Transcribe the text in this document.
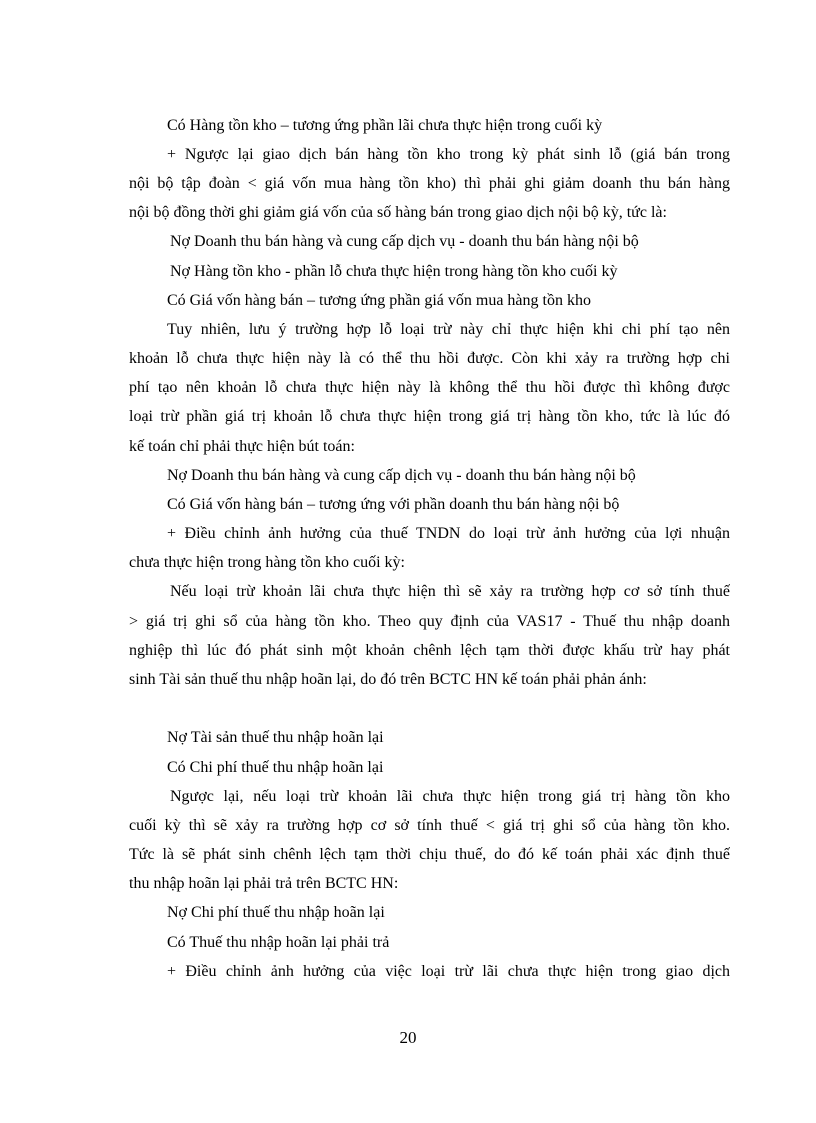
Có Hàng tồn kho – tương ứng phần lãi chưa thực hiện trong cuối kỳ
+ Ngược lại giao dịch bán hàng tồn kho trong kỳ phát sinh lỗ (giá bán trong
nội bộ tập đoàn < giá vốn mua hàng tồn kho) thì phải ghi giảm doanh thu bán hàng
nội bộ đồng thời ghi giảm giá vốn của số hàng bán trong giao dịch nội bộ kỳ, tức là:
Nợ Doanh thu bán hàng và cung cấp dịch vụ - doanh thu bán hàng nội bộ
Nợ Hàng tồn kho - phần lỗ chưa thực hiện trong hàng tồn kho cuối kỳ
Có Giá vốn hàng bán – tương ứng phần giá vốn mua hàng tồn kho
Tuy nhiên, lưu ý trường hợp lỗ loại trừ này chỉ thực hiện khi chi phí tạo nên
khoản lỗ chưa thực hiện này là có thể thu hồi được. Còn khi xảy ra trường hợp chi
phí tạo nên khoản lỗ chưa thực hiện này là không thể thu hồi được thì không được
loại trừ phần giá trị khoản lỗ chưa thực hiện trong giá trị hàng tồn kho, tức là lúc đó
kế toán chỉ phải thực hiện bút toán:
Nợ Doanh thu bán hàng và cung cấp dịch vụ - doanh thu bán hàng nội bộ
Có Giá vốn hàng bán – tương ứng với phần doanh thu bán hàng nội bộ
+ Điều chỉnh ảnh hưởng của thuế TNDN do loại trừ ảnh hưởng của lợi nhuận
chưa thực hiện trong hàng tồn kho cuối kỳ:
Nếu loại trừ khoản lãi chưa thực hiện thì sẽ xảy ra trường hợp cơ sở tính thuế
> giá trị ghi sổ của hàng tồn kho. Theo quy định của VAS17 - Thuế thu nhập doanh
nghiệp thì lúc đó phát sinh một khoản chênh lệch tạm thời được khấu trừ hay phát
sinh Tài sản thuế thu nhập hoãn lại, do đó trên BCTC HN kế toán phải phản ánh:
Nợ Tài sản thuế thu nhập hoãn lại
Có Chi phí thuế thu nhập hoãn lại
Ngược lại, nếu loại trừ khoản lãi chưa thực hiện trong giá trị hàng tồn kho
cuối kỳ thì sẽ xảy ra trường hợp cơ sở tính thuế < giá trị ghi sổ của hàng tồn kho.
Tức là sẽ phát sinh chênh lệch tạm thời chịu thuế, do đó kế toán phải xác định thuế
thu nhập hoãn lại phải trả trên BCTC HN:
Nợ Chi phí thuế thu nhập hoãn lại
Có Thuế thu nhập hoãn lại phải trả
+ Điều chỉnh ảnh hưởng của việc loại trừ lãi chưa thực hiện trong giao dịch
20
